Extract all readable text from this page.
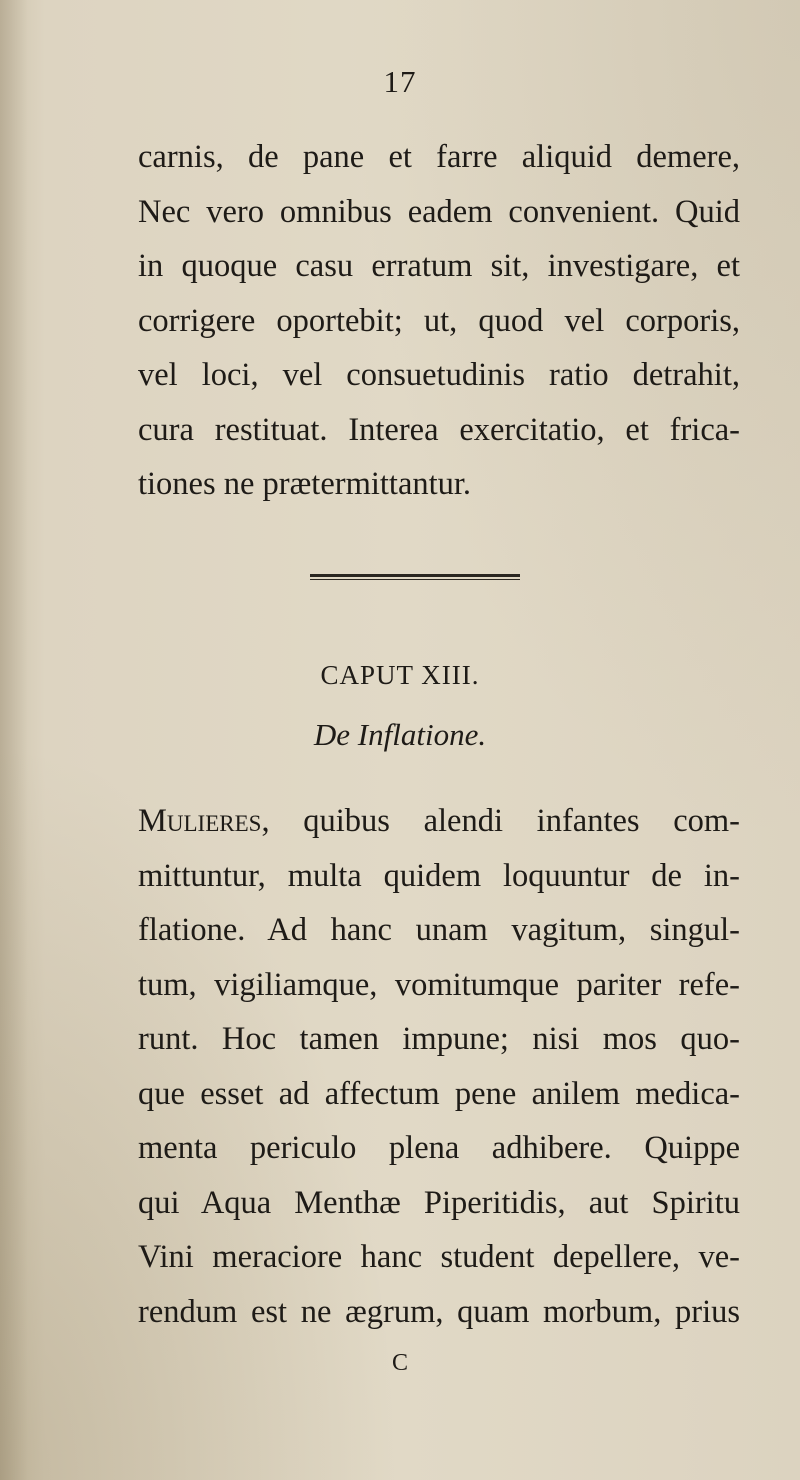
17

carnis, de pane et farre aliquid demere,
Nec vero omnibus eadem convenient. Quid
in quoque casu erratum sit, investigare, et
corrigere oportebit; ut, quod vel corporis,
vel loci, vel consuetudinis ratio detrahit,
cura restituat. Interea exercitatio, et frica-
tiones ne prætermittantur.

CAPUT XIII.
De Inflatione.

Mulieres, quibus alendi infantes com-
mittuntur, multa quidem loquuntur de in-
flatione. Ad hanc unam vagitum, singul-
tum, vigiliamque, vomitumque pariter refe-
runt. Hoc tamen impune; nisi mos quo-
que esset ad affectum pene anilem medica-
menta periculo plena adhibere. Quippe
qui Aqua Menthæ Piperitidis, aut Spiritu
Vini meraciore hanc student depellere, ve-
rendum est ne ægrum, quam morbum, prius

C
